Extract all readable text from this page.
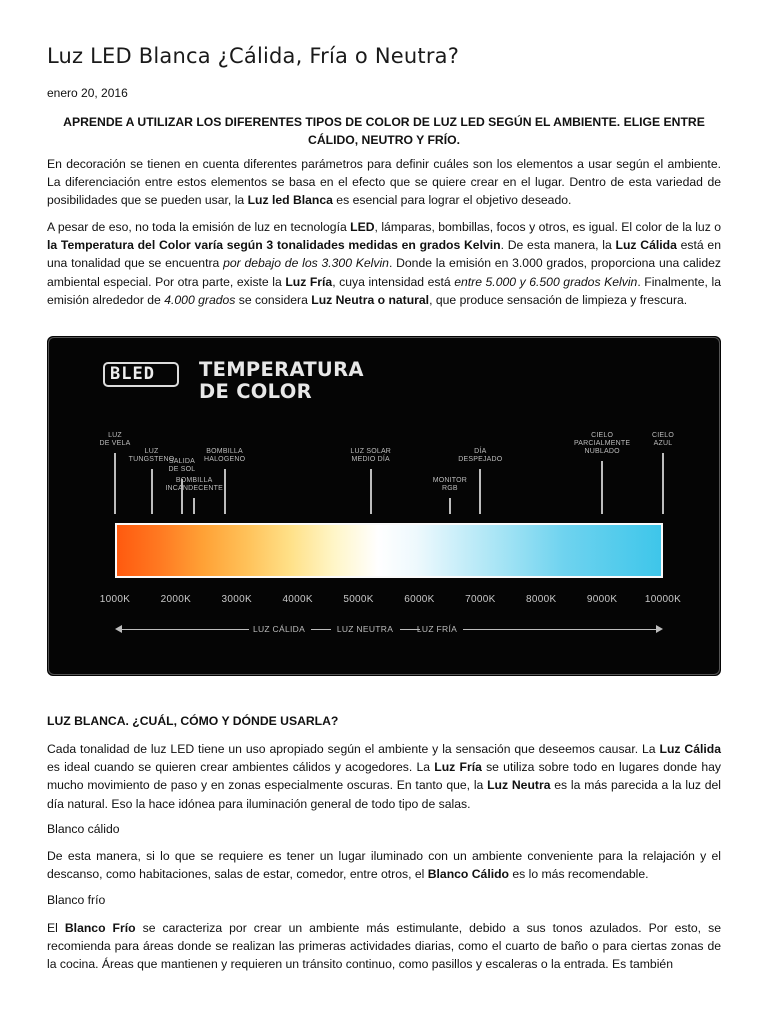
Luz LED Blanca ¿Cálida, Fría o Neutra?
enero 20, 2016
APRENDE A UTILIZAR LOS DIFERENTES TIPOS DE COLOR DE LUZ LED SEGÚN EL AMBIENTE. ELIGE ENTRE CÁLIDO, NEUTRO Y FRÍO.

En decoración se tienen en cuenta diferentes parámetros para definir cuáles son los elementos a usar según el ambiente. La diferenciación entre estos elementos se basa en el efecto que se quiere crear en el lugar. Dentro de esta variedad de posibilidades que se pueden usar, la Luz led Blanca es esencial para lograr el objetivo deseado.

A pesar de eso, no toda la emisión de luz en tecnología LED, lámparas, bombillas, focos y otros, es igual. El color de la luz o la Temperatura del Color varía según 3 tonalidades medidas en grados Kelvin. De esta manera, la Luz Cálida está en una tonalidad que se encuentra por debajo de los 3.300 Kelvin. Donde la emisión en 3.000 grados, proporciona una calidez ambiental especial. Por otra parte, existe la Luz Fría, cuya intensidad está entre 5.000 y 6.500 grados Kelvin. Finalmente, la emisión alrededor de 4.000 grados se considera Luz Neutra o natural, que produce sensación de limpieza y frescura.

BLED	TEMPERATURA
DE COLOR
LUZ
DE VELA
LUZ
TUNGSTENO
SALIDA
DE SOL
BOMBILLA
INCANDECENTE
BOMBILLA
HALOGENO
LUZ SOLAR
MEDIO DÍA
MONITOR
RGB
DÍA
DESPEJADO
CIELO
PARCIALMENTE
NUBLADO
CIELO
AZUL
1000K	2000K	3000K	4000K	5000K	6000K	7000K	8000K	9000K	10000K
LUZ CÁLIDA	LUZ NEUTRA	LUZ FRÍA
LUZ BLANCA. ¿CUÁL, CÓMO Y DÓNDE USARLA?

Cada tonalidad de luz LED tiene un uso apropiado según el ambiente y la sensación que deseemos causar. La Luz Cálida es ideal cuando se quieren crear ambientes cálidos y acogedores. La Luz Fría se utiliza sobre todo en lugares donde hay mucho movimiento de paso y en zonas especialmente oscuras. En tanto que, la Luz Neutra es la más parecida a la luz del día natural. Eso la hace idónea para iluminación general de todo tipo de salas.

Blanco cálido

De esta manera, si lo que se requiere es tener un lugar iluminado con un ambiente conveniente para la relajación y el descanso, como habitaciones, salas de estar, comedor, entre otros, el Blanco Cálido es lo más recomendable.

Blanco frío

El Blanco Frío se caracteriza por crear un ambiente más estimulante, debido a sus tonos azulados. Por esto, se recomienda para áreas donde se realizan las primeras actividades diarias, como el cuarto de baño o para ciertas zonas de la cocina. Áreas que mantienen y requieren un tránsito continuo, como pasillos y escaleras o la entrada. Es también
